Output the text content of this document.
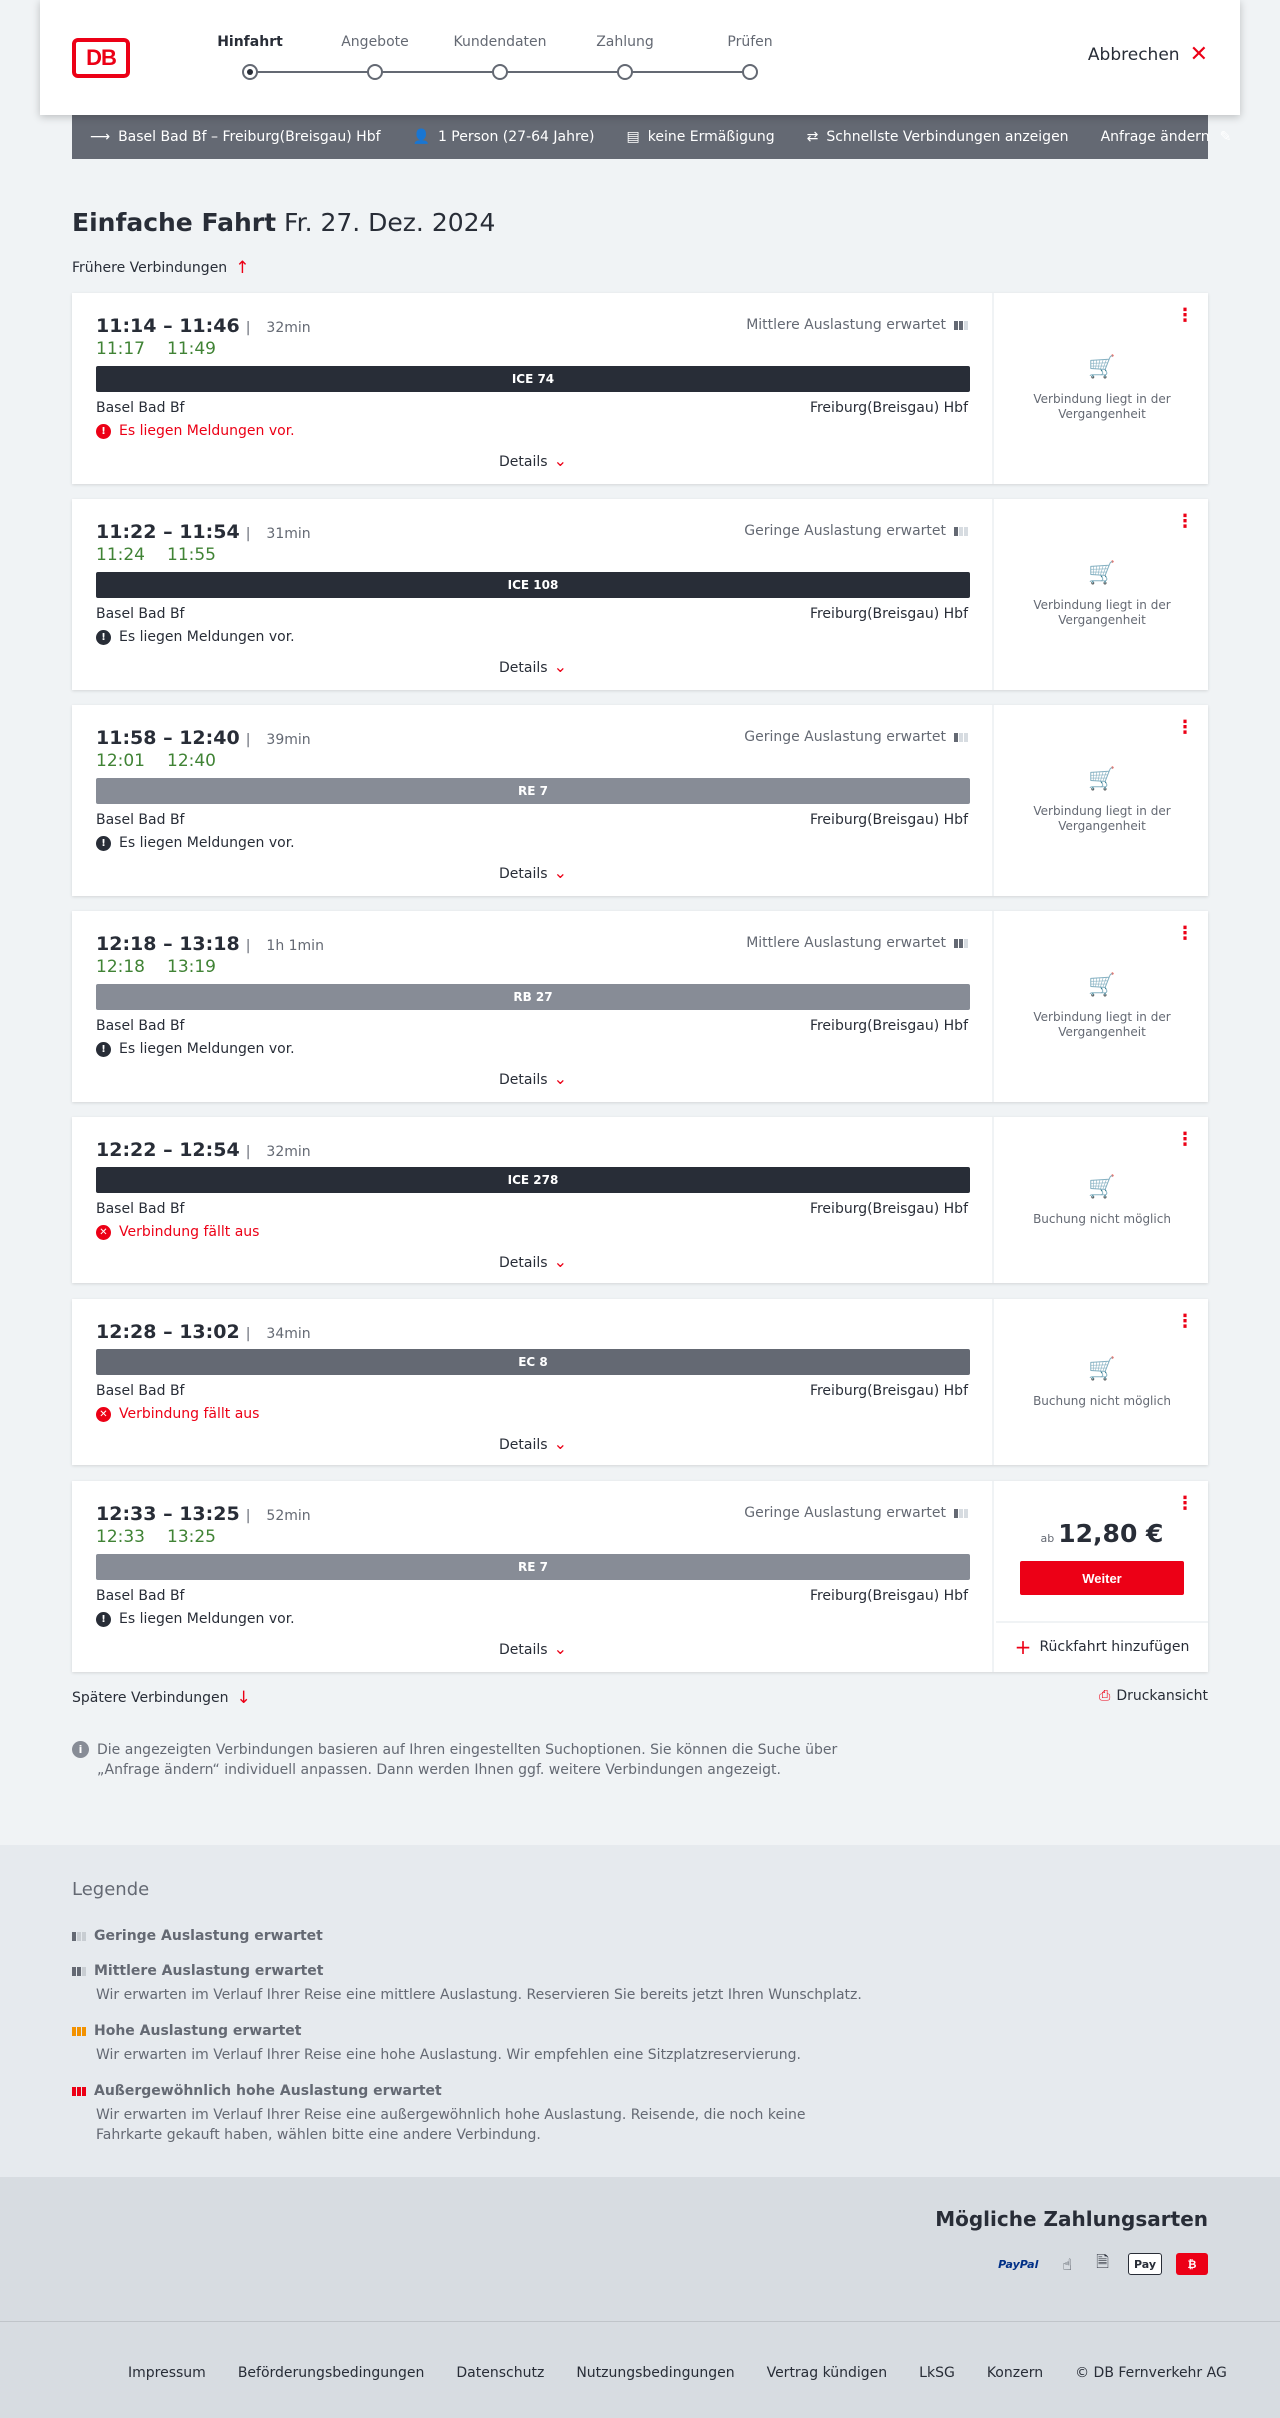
DB
Hinfahrt	Angebote	Kundendaten	Zahlung	Prüfen
Abbrechen ✕
⟶ Basel Bad Bf – Freiburg(Breisgau) Hbf 👤 1 Person (27-64 Jahre) ▤ keine Ermäßigung ⇄ Schnellste Verbindungen anzeigen Anfrage ändern ✎
Einfache Fahrt Fr. 27. Dez. 2024
Frühere Verbindungen ↑
11:14 – 11:46 | 32min
11:17 11:49
Mittlere Auslastung erwartet
ICE 74
Basel Bad Bf	Freiburg(Breisgau) Hbf
! Es liegen Meldungen vor.
Details ⌄
⋮
🛒
Verbindung liegt in der Vergangenheit
11:22 – 11:54 | 31min
11:24 11:55
Geringe Auslastung erwartet
ICE 108
Basel Bad Bf	Freiburg(Breisgau) Hbf
! Es liegen Meldungen vor.
Details ⌄
⋮
🛒
Verbindung liegt in der Vergangenheit
11:58 – 12:40 | 39min
12:01 12:40
Geringe Auslastung erwartet
RE 7
Basel Bad Bf	Freiburg(Breisgau) Hbf
! Es liegen Meldungen vor.
Details ⌄
⋮
🛒
Verbindung liegt in der Vergangenheit
12:18 – 13:18 | 1h 1min
12:18 13:19
Mittlere Auslastung erwartet
RB 27
Basel Bad Bf	Freiburg(Breisgau) Hbf
! Es liegen Meldungen vor.
Details ⌄
⋮
🛒
Verbindung liegt in der Vergangenheit
12:22 – 12:54 | 32min
ICE 278
Basel Bad Bf	Freiburg(Breisgau) Hbf
✕ Verbindung fällt aus
Details ⌄
⋮
🛒
Buchung nicht möglich
12:28 – 13:02 | 34min
EC 8
Basel Bad Bf	Freiburg(Breisgau) Hbf
✕ Verbindung fällt aus
Details ⌄
⋮
🛒
Buchung nicht möglich
12:33 – 13:25 | 52min
12:33 13:25
Geringe Auslastung erwartet
RE 7
Basel Bad Bf	Freiburg(Breisgau) Hbf
! Es liegen Meldungen vor.
Details ⌄
⋮
ab 12,80 €
Weiter
+ Rückfahrt hinzufügen
Spätere Verbindungen ↓	⎙ Druckansicht
i	Die angezeigten Verbindungen basieren auf Ihren eingestellten Suchoptionen. Sie können die Suche über „Anfrage ändern“ individuell anpassen. Dann werden Ihnen ggf. weitere Verbindungen angezeigt.
Legende
Geringe Auslastung erwartet
Mittlere Auslastung erwartet
Wir erwarten im Verlauf Ihrer Reise eine mittlere Auslastung. Reservieren Sie bereits jetzt Ihren Wunschplatz.
Hohe Auslastung erwartet
Wir erwarten im Verlauf Ihrer Reise eine hohe Auslastung. Wir empfehlen eine Sitzplatzreservierung.
Außergewöhnlich hohe Auslastung erwartet
Wir erwarten im Verlauf Ihrer Reise eine außergewöhnlich hohe Auslastung. Reisende, die noch keine Fahrkarte gekauft haben, wählen bitte eine andere Verbindung.
Mögliche Zahlungsarten
PayPal	☝	🗎	Pay	₿
Impressum Beförderungsbedingungen Datenschutz Nutzungsbedingungen Vertrag kündigen LkSG Konzern © DB Fernverkehr AG
